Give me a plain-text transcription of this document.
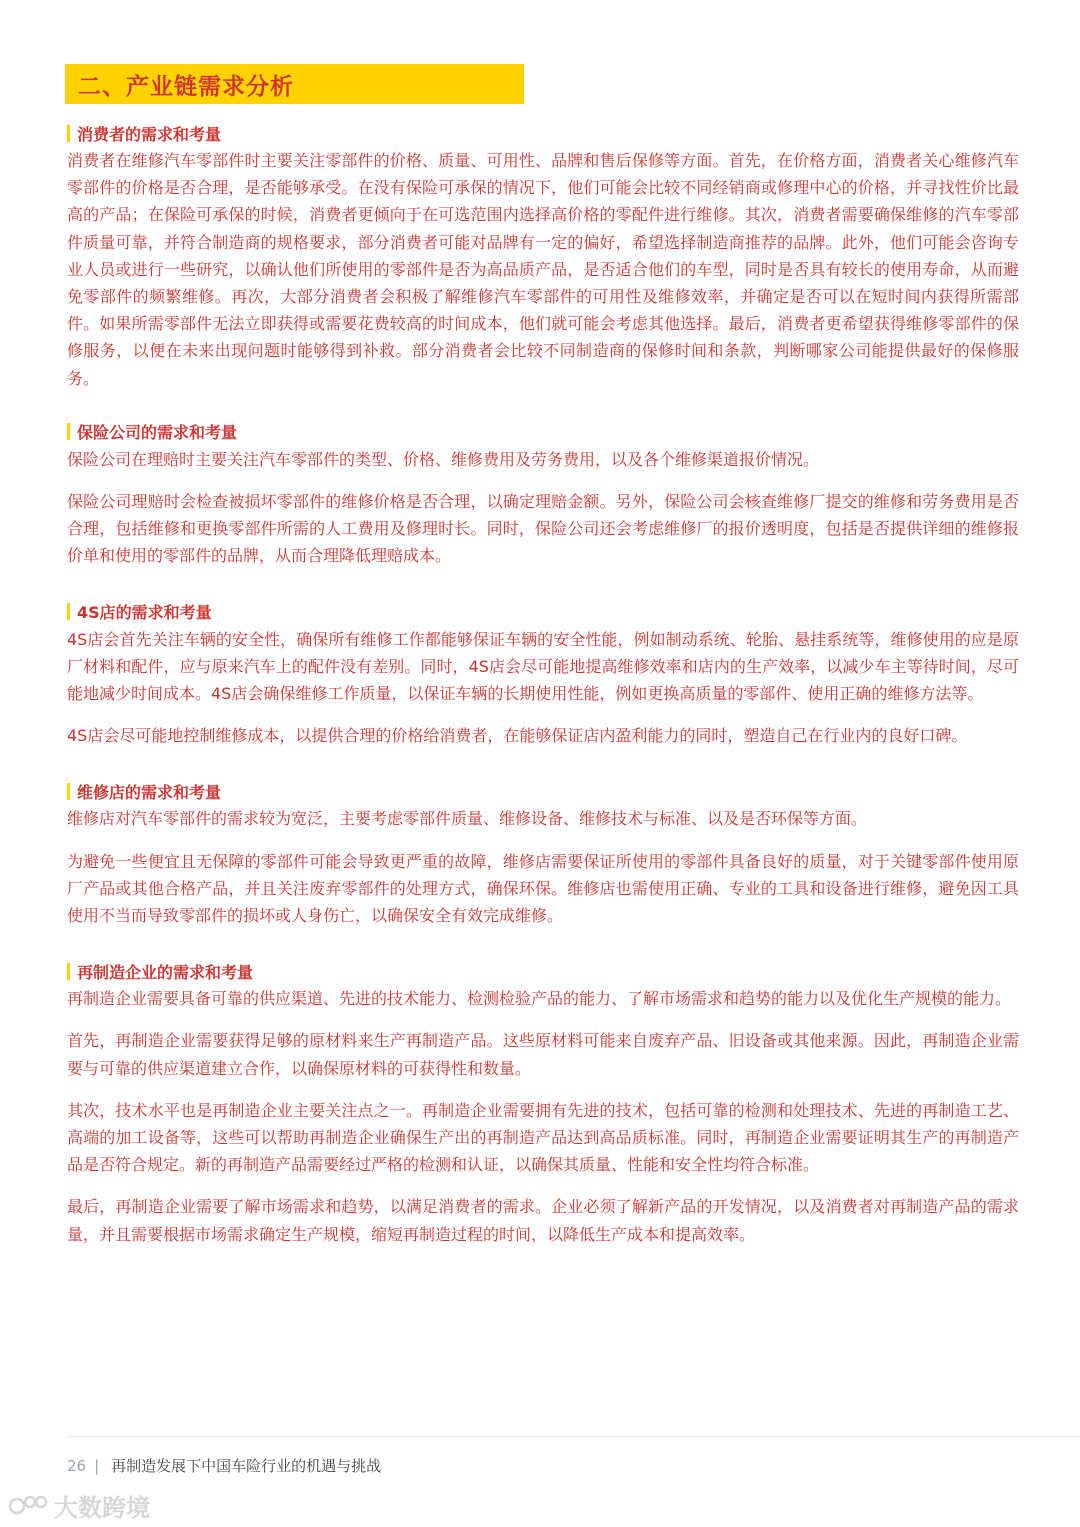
二、产业链需求分析
消费者的需求和考量

消费者在维修汽车零部件时主要关注零部件的价格、质量、可用性、品牌和售后保修等方面。首先，在价格方面，消费者关心维修汽车零部件的价格是否合理，是否能够承受。在没有保险可承保的情况下，他们可能会比较不同经销商或修理中心的价格，并寻找性价比最高的产品；在保险可承保的时候，消费者更倾向于在可选范围内选择高价格的零配件进行维修。其次，消费者需要确保维修的汽车零部件质量可靠，并符合制造商的规格要求，部分消费者可能对品牌有一定的偏好，希望选择制造商推荐的品牌。此外，他们可能会咨询专业人员或进行一些研究，以确认他们所使用的零部件是否为高品质产品，是否适合他们的车型，同时是否具有较长的使用寿命，从而避免零部件的频繁维修。再次，大部分消费者会积极了解维修汽车零部件的可用性及维修效率，并确定是否可以在短时间内获得所需部件。如果所需零部件无法立即获得或需要花费较高的时间成本，他们就可能会考虑其他选择。最后，消费者更希望获得维修零部件的保修服务，以便在未来出现问题时能够得到补救。部分消费者会比较不同制造商的保修时间和条款，判断哪家公司能提供最好的保修服务。

保险公司的需求和考量

保险公司在理赔时主要关注汽车零部件的类型、价格、维修费用及劳务费用，以及各个维修渠道报价情况。

保险公司理赔时会检查被损坏零部件的维修价格是否合理，以确定理赔金额。另外，保险公司会核查维修厂提交的维修和劳务费用是否合理，包括维修和更换零部件所需的人工费用及修理时长。同时，保险公司还会考虑维修厂的报价透明度，包括是否提供详细的维修报价单和使用的零部件的品牌，从而合理降低理赔成本。

4S店的需求和考量

4S店会首先关注车辆的安全性，确保所有维修工作都能够保证车辆的安全性能，例如制动系统、轮胎、悬挂系统等，维修使用的应是原厂材料和配件，应与原来汽车上的配件没有差别。同时，4S店会尽可能地提高维修效率和店内的生产效率，以减少车主等待时间，尽可能地减少时间成本。4S店会确保维修工作质量，以保证车辆的长期使用性能，例如更换高质量的零部件、使用正确的维修方法等。

4S店会尽可能地控制维修成本，以提供合理的价格给消费者，在能够保证店内盈利能力的同时，塑造自己在行业内的良好口碑。

维修店的需求和考量

维修店对汽车零部件的需求较为宽泛，主要考虑零部件质量、维修设备、维修技术与标准、以及是否环保等方面。

为避免一些便宜且无保障的零部件可能会导致更严重的故障，维修店需要保证所使用的零部件具备良好的质量，对于关键零部件使用原厂产品或其他合格产品，并且关注废弃零部件的处理方式，确保环保。维修店也需使用正确、专业的工具和设备进行维修，避免因工具使用不当而导致零部件的损坏或人身伤亡，以确保安全有效完成维修。

再制造企业的需求和考量

再制造企业需要具备可靠的供应渠道、先进的技术能力、检测检验产品的能力、了解市场需求和趋势的能力以及优化生产规模的能力。

首先，再制造企业需要获得足够的原材料来生产再制造产品。这些原材料可能来自废弃产品、旧设备或其他来源。因此，再制造企业需要与可靠的供应渠道建立合作，以确保原材料的可获得性和数量。

其次，技术水平也是再制造企业主要关注点之一。再制造企业需要拥有先进的技术，包括可靠的检测和处理技术、先进的再制造工艺、高端的加工设备等，这些可以帮助再制造企业确保生产出的再制造产品达到高品质标准。同时，再制造企业需要证明其生产的再制造产品是否符合规定。新的再制造产品需要经过严格的检测和认证，以确保其质量、性能和安全性均符合标准。

最后，再制造企业需要了解市场需求和趋势，以满足消费者的需求。企业必须了解新产品的开发情况，以及消费者对再制造产品的需求量，并且需要根据市场需求确定生产规模，缩短再制造过程的时间，以降低生产成本和提高效率。

26 | 再制造发展下中国车险行业的机遇与挑战
大数跨境
